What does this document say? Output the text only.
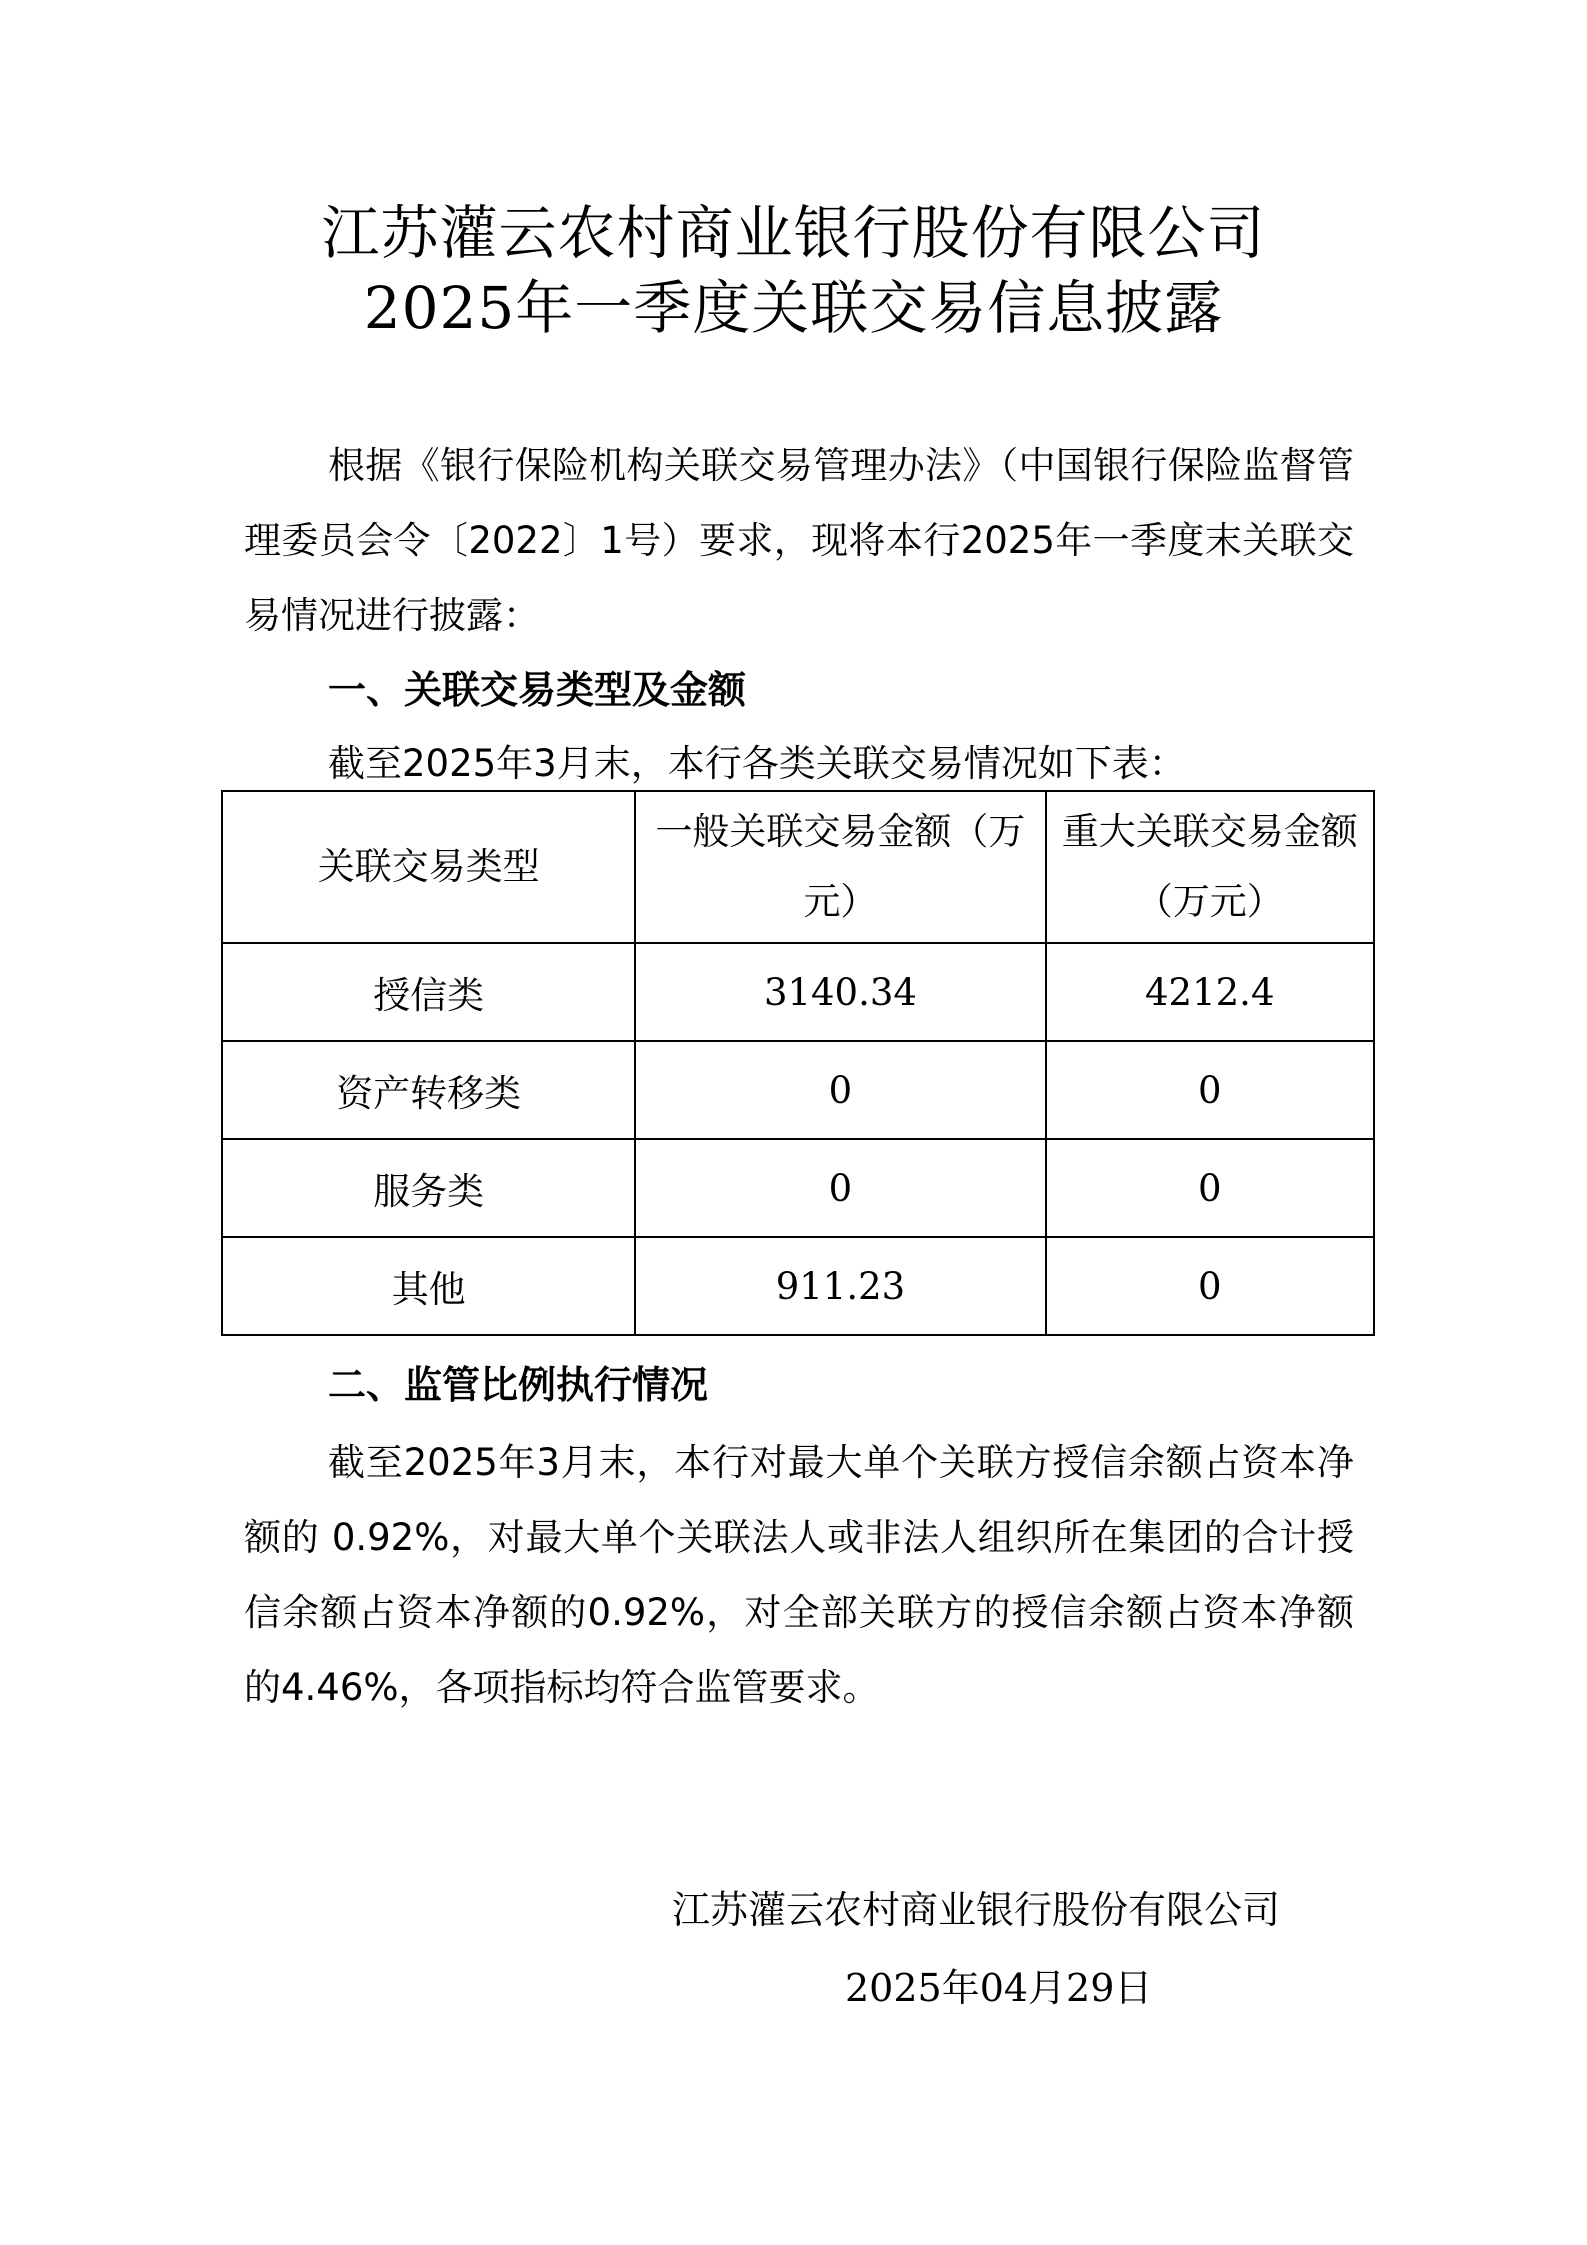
江苏灌云农村商业银行股份有限公司
2025年一季度关联交易信息披露
根据《银行保险机构关联交易管理办法》（中国银行保险监督管理委员会令〔2022〕1号）要求，现将本行2025年一季度末关联交易情况进行披露：
一、关联交易类型及金额
截至2025年3月末，本行各类关联交易情况如下表：
关联交易类型	一般关联交易金额（万元）	重大关联交易金额（万元）
授信类	3140.34	4212.4
资产转移类	0	0
服务类	0	0
其他	911.23	0
二、监管比例执行情况
截至2025年3月末，本行对最大单个关联方授信余额占资本净额的 0.92%，对最大单个关联法人或非法人组织所在集团的合计授信余额占资本净额的0.92%，对全部关联方的授信余额占资本净额的4.46%，各项指标均符合监管要求。
江苏灌云农村商业银行股份有限公司
2025年04月29日
